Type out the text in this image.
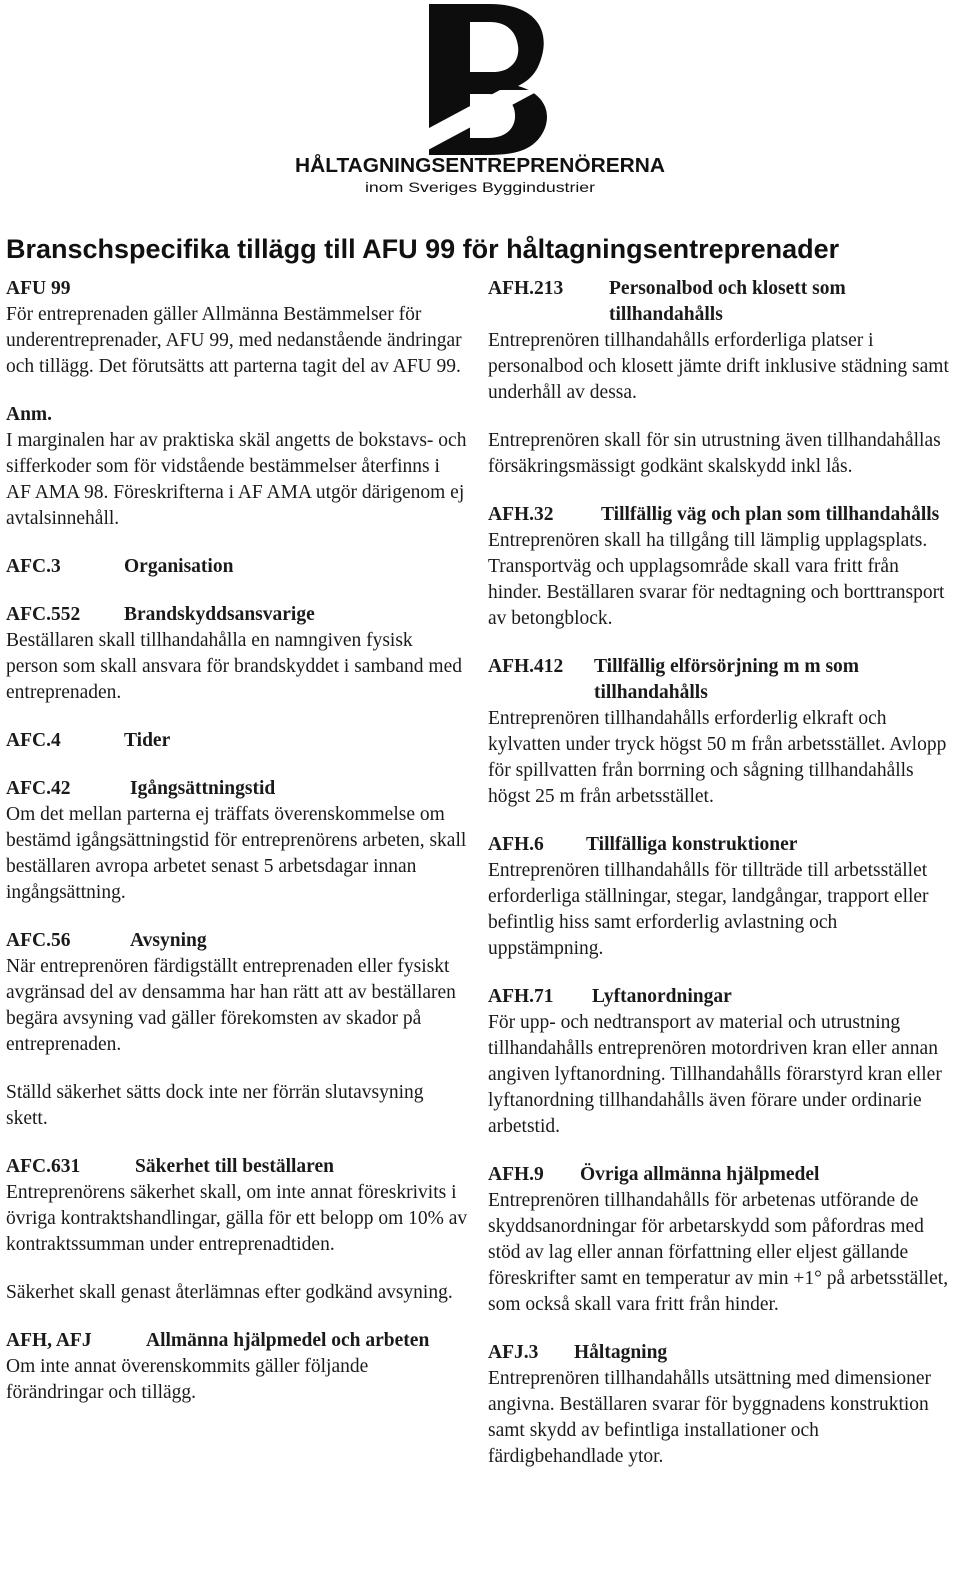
HÅLTAGNINGSENTREPRENÖRERNA
inom Sveriges Byggindustrier
Branschspecifika tillägg till AFU 99 för håltagningsentreprenader
AFU 99

För entreprenaden gäller Allmänna Bestämmelser för underentreprenader, AFU 99, med nedanstående ändringar och tillägg. Det förutsätts att parterna tagit del av AFU 99.

Anm.

I marginalen har av praktiska skäl angetts de bokstavs- och sifferkoder som för vidstående bestämmelser återfinns i AF AMA 98. Föreskrifterna i AF AMA utgör därigenom ej avtalsinnehåll.

AFC.3	Organisation
AFC.552	Brandskyddsansvarige

Beställaren skall tillhandahålla en namngiven fysisk person som skall ansvara för brandskyddet i samband med entreprenaden.

AFC.4	Tider
AFC.42	Igångsättningstid

Om det mellan parterna ej träffats överenskommelse om bestämd igångsättningstid för entreprenörens arbeten, skall beställaren avropa arbetet senast 5 arbetsdagar innan ingångsättning.

AFC.56	Avsyning

När entreprenören färdigställt entreprenaden eller fysiskt avgränsad del av densamma har han rätt att av beställaren begära avsyning vad gäller förekomsten av skador på entreprenaden.

Ställd säkerhet sätts dock inte ner förrän slutavsyning skett.

AFC.631	Säkerhet till beställaren

Entreprenörens säkerhet skall, om inte annat föreskrivits i övriga kontraktshandlingar, gälla för ett belopp om 10% av kontraktssumman under entreprenadtiden.

Säkerhet skall genast återlämnas efter godkänd avsyning.

AFH, AFJ	Allmänna hjälpmedel och arbeten

Om inte annat överenskommits gäller följande förändringar och tillägg.

AFH.213	Personalbod och klosett som tillhandahålls

Entreprenören tillhandahålls erforderliga platser i personalbod och klosett jämte drift inklusive städning samt underhåll av dessa.

Entreprenören skall för sin utrustning även tillhandahållas försäkringsmässigt godkänt skalskydd inkl lås.

AFH.32	Tillfällig väg och plan som tillhandahålls

Entreprenören skall ha tillgång till lämplig upplagsplats. Transportväg och upplagsområde skall vara fritt från hinder. Beställaren svarar för nedtagning och borttransport av betongblock.

AFH.412	Tillfällig elförsörjning m m som tillhandahålls

Entreprenören tillhandahålls erforderlig elkraft och kylvatten under tryck högst 50 m från arbetsstället. Avlopp för spillvatten från borrning och sågning tillhandahålls högst 25 m från arbetsstället.

AFH.6	Tillfälliga konstruktioner

Entreprenören tillhandahålls för tillträde till arbetsstället erforderliga ställningar, stegar, landgångar, trapport eller befintlig hiss samt erforderlig avlastning och uppstämpning.

AFH.71	Lyftanordningar

För upp- och nedtransport av material och utrustning tillhandahålls entreprenören motordriven kran eller annan angiven lyftanordning. Tillhandahålls förarstyrd kran eller lyftanordning tillhandahålls även förare under ordinarie arbetstid.

AFH.9	Övriga allmänna hjälpmedel

Entreprenören tillhandahålls för arbetenas utförande de skyddsanordningar för arbetarskydd som påfordras med stöd av lag eller annan författning eller eljest gällande föreskrifter samt en temperatur av min +1° på arbetsstället, som också skall vara fritt från hinder.

AFJ.3	Håltagning

Entreprenören tillhandahålls utsättning med dimensioner angivna. Beställaren svarar för byggnadens konstruktion samt skydd av befintliga installationer och färdigbehandlade ytor.
